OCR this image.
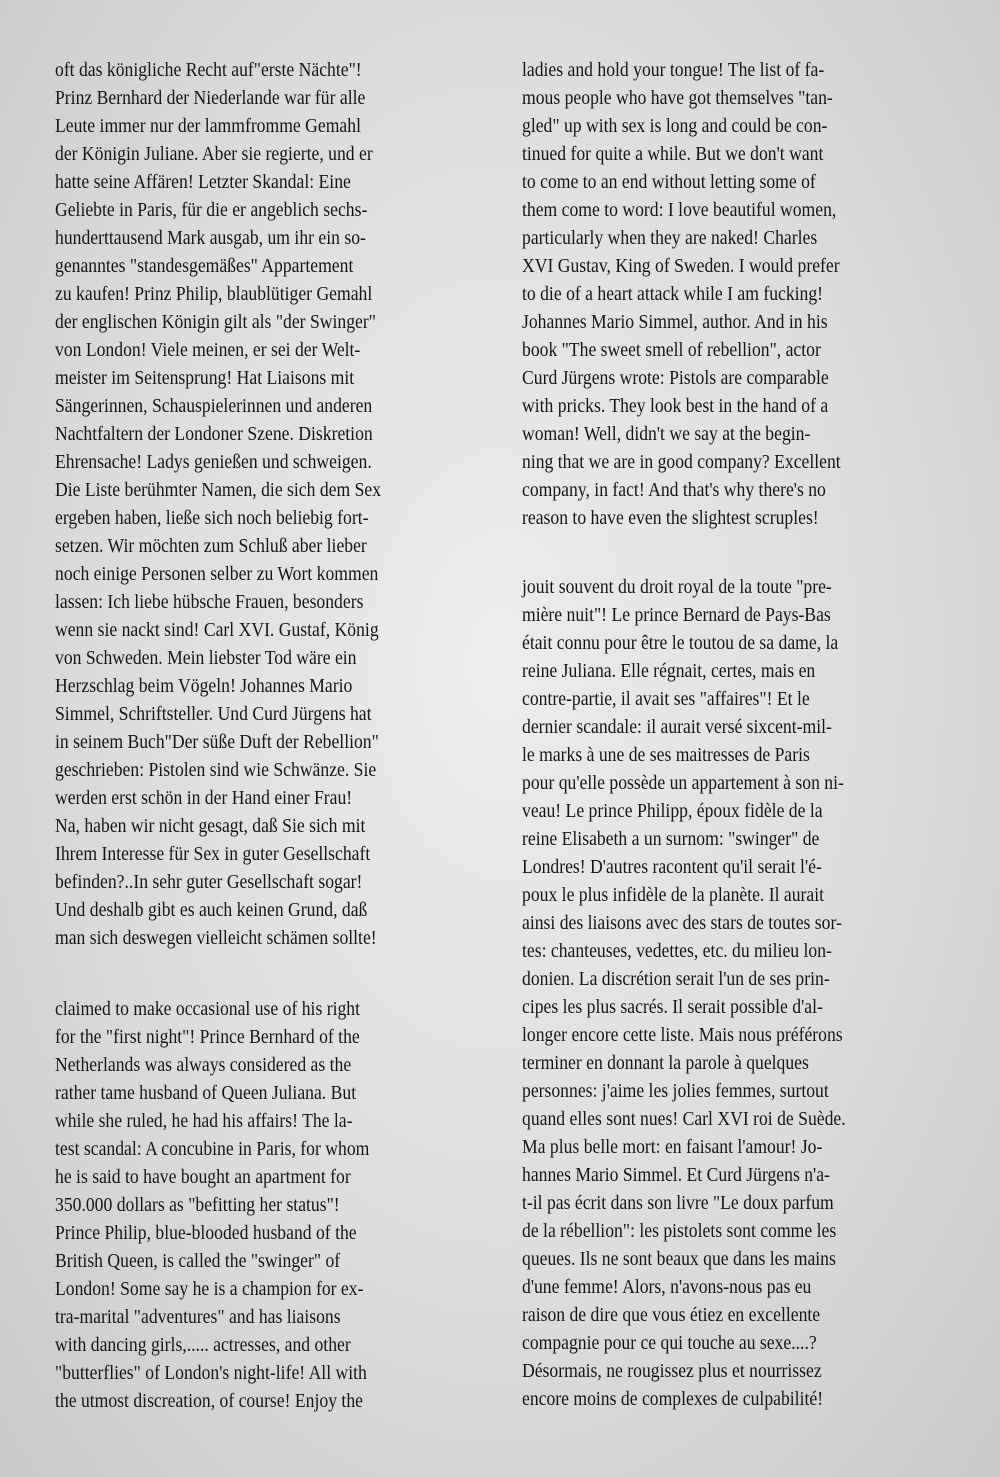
oft das königliche Recht auf"erste Nächte"!
Prinz Bernhard der Niederlande war für alle
Leute immer nur der lammfromme Gemahl
der Königin Juliane. Aber sie regierte, und er
hatte seine Affären! Letzter Skandal: Eine
Geliebte in Paris, für die er angeblich sechs-
hunderttausend Mark ausgab, um ihr ein so-
genanntes "standesgemäßes" Appartement
zu kaufen! Prinz Philip, blaublütiger Gemahl
der englischen Königin gilt als "der Swinger"
von London! Viele meinen, er sei der Welt-
meister im Seitensprung! Hat Liaisons mit
Sängerinnen, Schauspielerinnen und anderen
Nachtfaltern der Londoner Szene. Diskretion
Ehrensache! Ladys genießen und schweigen.
Die Liste berühmter Namen, die sich dem Sex
ergeben haben, ließe sich noch beliebig fort-
setzen. Wir möchten zum Schluß aber lieber
noch einige Personen selber zu Wort kommen
lassen: Ich liebe hübsche Frauen, besonders
wenn sie nackt sind! Carl XVI. Gustaf, König
von Schweden. Mein liebster Tod wäre ein
Herzschlag beim Vögeln! Johannes Mario
Simmel, Schriftsteller. Und Curd Jürgens hat
in seinem Buch"Der süße Duft der Rebellion"
geschrieben: Pistolen sind wie Schwänze. Sie
werden erst schön in der Hand einer Frau!
Na, haben wir nicht gesagt, daß Sie sich mit
Ihrem Interesse für Sex in guter Gesellschaft
befinden?..In sehr guter Gesellschaft sogar!
Und deshalb gibt es auch keinen Grund, daß
man sich deswegen vielleicht schämen sollte!
claimed to make occasional use of his right
for the "first night"! Prince Bernhard of the
Netherlands was always considered as the
rather tame husband of Queen Juliana. But
while she ruled, he had his affairs! The la-
test scandal: A concubine in Paris, for whom
he is said to have bought an apartment for
350.000 dollars as "befitting her status"!
Prince Philip, blue-blooded husband of the
British Queen, is called the "swinger" of
London! Some say he is a champion for ex-
tra-marital "adventures" and has liaisons
with dancing girls,..... actresses, and other
"butterflies" of London's night-life! All with
the utmost discreation, of course! Enjoy the
ladies and hold your tongue! The list of fa-
mous people who have got themselves "tan-
gled" up with sex is long and could be con-
tinued for quite a while. But we don't want
to come to an end without letting some of
them come to word: I love beautiful women,
particularly when they are naked! Charles
XVI Gustav, King of Sweden. I would prefer
to die of a heart attack while I am fucking!
Johannes Mario Simmel, author. And in his
book "The sweet smell of rebellion", actor
Curd Jürgens wrote: Pistols are comparable
with pricks. They look best in the hand of a
woman! Well, didn't we say at the begin-
ning that we are in good company? Excellent
company, in fact! And that's why there's no
reason to have even the slightest scruples!
jouit souvent du droit royal de la toute "pre-
mière nuit"! Le prince Bernard de Pays-Bas
était connu pour être le toutou de sa dame, la
reine Juliana. Elle régnait, certes, mais en
contre-partie, il avait ses "affaires"! Et le
dernier scandale: il aurait versé sixcent-mil-
le marks à une de ses maitresses de Paris
pour qu'elle possède un appartement à son ni-
veau! Le prince Philipp, époux fidèle de la
reine Elisabeth a un surnom: "swinger" de
Londres! D'autres racontent qu'il serait l'é-
poux le plus infidèle de la planète. Il aurait
ainsi des liaisons avec des stars de toutes sor-
tes: chanteuses, vedettes, etc. du milieu lon-
donien. La discrétion serait l'un de ses prin-
cipes les plus sacrés. Il serait possible d'al-
longer encore cette liste. Mais nous préférons
terminer en donnant la parole à quelques
personnes: j'aime les jolies femmes, surtout
quand elles sont nues! Carl XVI roi de Suède.
Ma plus belle mort: en faisant l'amour! Jo-
hannes Mario Simmel. Et Curd Jürgens n'a-
t-il pas écrit dans son livre "Le doux parfum
de la rébellion": les pistolets sont comme les
queues. Ils ne sont beaux que dans les mains
d'une femme! Alors, n'avons-nous pas eu
raison de dire que vous étiez en excellente
compagnie pour ce qui touche au sexe....?
Désormais, ne rougissez plus et nourrissez
encore moins de complexes de culpabilité!
